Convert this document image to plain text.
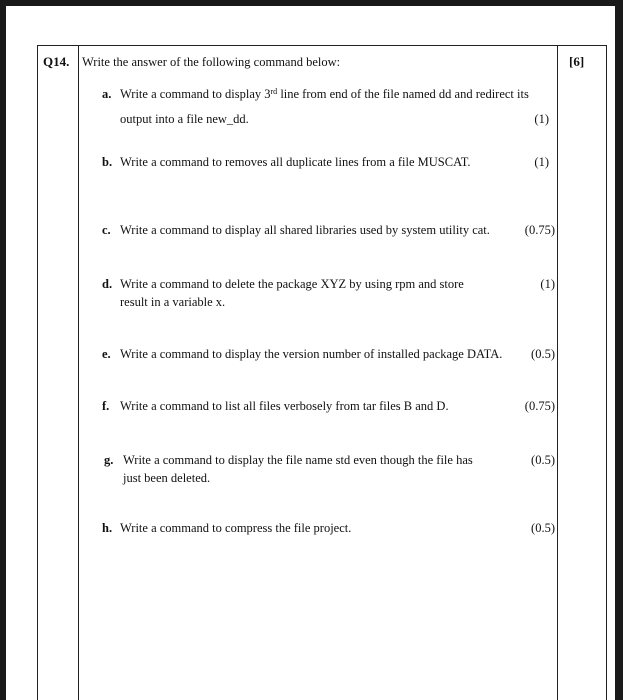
Q14. Write the answer of the following command below:	[6]
a. Write a command to display 3rd line from end of the file named dd and redirect its
output into a file new_dd.	(1)
b. Write a command to removes all duplicate lines from a file MUSCAT.	(1)
c. Write a command to display all shared libraries used by system utility cat.	(0.75)
d. Write a command to delete the package XYZ by using rpm and store
result in a variable x.
(1)
e. Write a command to display the version number of installed package DATA. (0.5)
f. Write a command to list all files verbosely from tar files B and D.	(0.75)
g. Write a command to display the file name std even though the file has
just been deleted.
(0.5)
h. Write a command to compress the file project.	(0.5)
